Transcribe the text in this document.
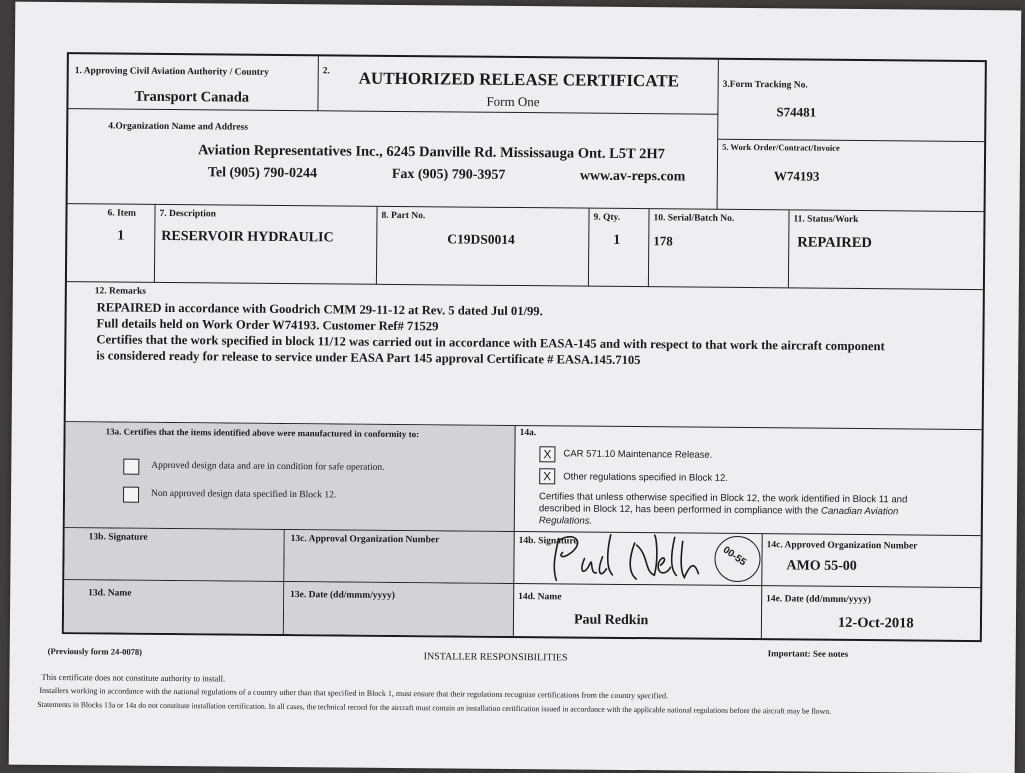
1. Approving Civil Aviation Authority / Country
Transport Canada
2. AUTHORIZED RELEASE CERTIFICATE
Form One
3.Form Tracking No.
S74481
4.Organization Name and Address
Aviation Representatives Inc., 6245 Danville Rd. Mississauga Ont. L5T 2H7
Tel (905) 790-0244	Fax (905) 790-3957	www.av-reps.com
5. Work Order/Contract/Invoice
W74193
6. Item
1
7. Description
RESERVOIR HYDRAULIC
8. Part No.
C19DS0014
9. Qty.
1
10. Serial/Batch No.
178
11. Status/Work
REPAIRED
12. Remarks
REPAIRED in accordance with Goodrich CMM 29-11-12 at Rev. 5 dated Jul 01/99.
Full details held on Work Order W74193. Customer Ref# 71529
Certifies that the work specified in block 11/12 was carried out in accordance with EASA-145 and with respect to that work the aircraft component
is considered ready for release to service under EASA Part 145 approval Certificate # EASA.145.7105
13a. Certifies that the items identified above were manufactured in conformity to:
Approved design data and are in condition for safe operation.
Non approved design data specified in Block 12.
14a.
X	CAR 571.10 Maintenance Release.
X	Other regulations specified in Block 12.
Certifies that unless otherwise specified in Block 12, the work identified in Block 11 and
described in Block 12, has been performed in compliance with the Canadian Aviation
Regulations.
13b. Signature	13c. Approval Organization Number	14b. Signature
00-55 14c. Approved Organization Number
AMO 55-00
13d. Name	13e. Date (dd/mmm/yyyy)	14d. Name
Paul Redkin
14e. Date (dd/mmm/yyyy)
12-Oct-2018
(Previously form 24-0078)	INSTALLER RESPONSIBILITIES	Important: See notes
This certificate does not constitute authority to install.
Installers working in accordance with the national regulations of a country other than that specified in Block 1, must ensure that their regulations recognize certifications from the country specified.
Statements in Blocks 13a or 14a do not constitute installation certification. In all cases, the technical record for the aircraft must contain an installation certification issued in accordance with the applicable national regulations before the aircraft may be flown.
